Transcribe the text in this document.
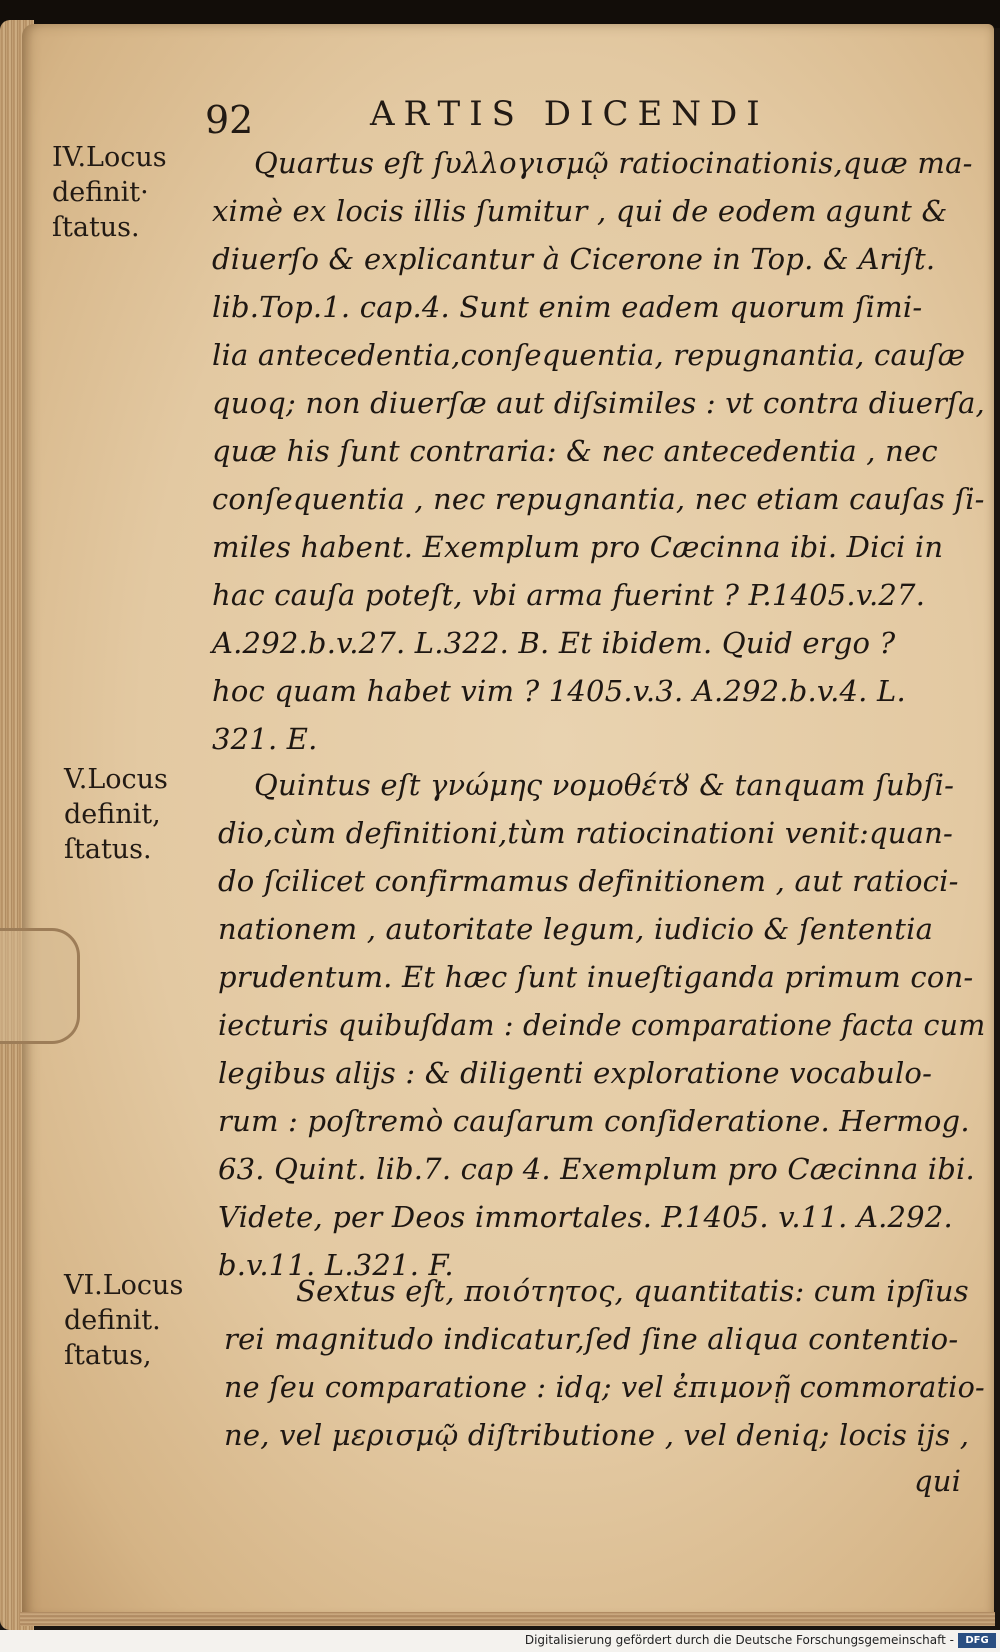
92	ARTIS DICENDI
IV.Locus
definit·
ſtatus.
V.Locus
definit,
ſtatus.
VI.Locus
definit.
ſtatus,
Quartus eſt ſυλλογισμῷ ratiocinationis,quæ ma-
ximè ex locis illis ſumitur , qui de eodem agunt &
diuerſo & explicantur à Cicerone in Top. & Ariſt.
lib.Top.1. cap.4. Sunt enim eadem quorum ſimi-
lia antecedentia,conſequentia, repugnantia, cauſæ
quoq; non diuerſæ aut diſsimiles : vt contra diuerſa,
quæ his ſunt contraria: & nec antecedentia , nec
conſequentia , nec repugnantia, nec etiam cauſas ſi-
miles habent. Exemplum pro Cæcinna ibi. Dici in
hac cauſa poteſt, vbi arma fuerint ? P.1405.v.27.
A.292.b.v.27. L.322. B. Et ibidem. Quid ergo ?
hoc quam habet vim ? 1405.v.3. A.292.b.v.4. L.
321. E.
Quintus eſt γνώμης νομοθέτȣ & tanquam ſubſi-
dio,cùm definitioni,tùm ratiocinationi venit:quan-
do ſcilicet confirmamus definitionem , aut ratioci-
nationem , autoritate legum, iudicio & ſententia
prudentum. Et hæc ſunt inueſtiganda primum con-
iecturis quibuſdam : deinde comparatione facta cum
legibus alijs : & diligenti exploratione vocabulo-
rum : poſtremò cauſarum conſideratione. Hermog.
63. Quint. lib.7. cap 4. Exemplum pro Cæcinna ibi.
Videte, per Deos immortales. P.1405. v.11. A.292.
b.v.11. L.321. F.
Sextus eſt, ποιότητος, quantitatis: cum ipſius
rei magnitudo indicatur,ſed ſine aliqua contentio-
ne ſeu comparatione : idq; vel ἐπιμονῇ commoratio-
ne, vel μερισμῷ diſtributione , vel deniq; locis ijs ,
qui
Digitalisierung gefördert durch die Deutsche Forschungsgemeinschaft -	DFG
